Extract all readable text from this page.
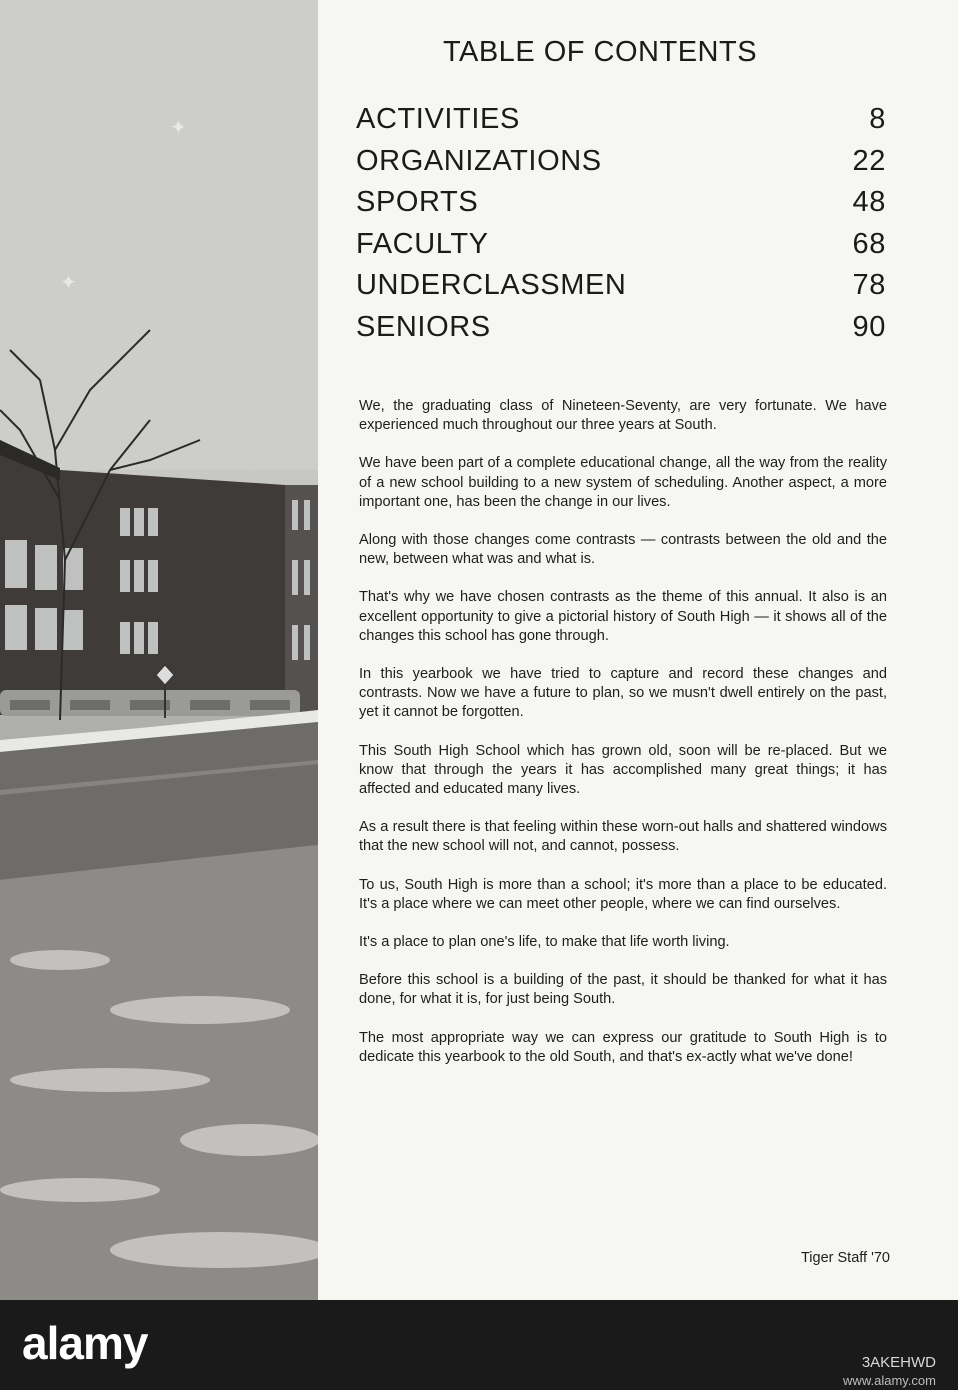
✦
✦
TABLE OF CONTENTS
ACTIVITIES	8
ORGANIZATIONS	22
SPORTS	48
FACULTY	68
UNDERCLASSMEN	78
SENIORS	90

We, the graduating class of Nineteen-Seventy, are very fortunate. We have experienced much throughout our three years at South.

We have been part of a complete educational change, all the way from the reality of a new school building to a new system of scheduling. Another aspect, a more important one, has been the change in our lives.

Along with those changes come contrasts — contrasts between the old and the new, between what was and what is.

That's why we have chosen contrasts as the theme of this annual. It also is an excellent opportunity to give a pictorial history of South High — it shows all of the changes this school has gone through.

In this yearbook we have tried to capture and record these changes and contrasts. Now we have a future to plan, so we musn't dwell entirely on the past, yet it cannot be forgotten.

This South High School which has grown old, soon will be re-placed. But we know that through the years it has accomplished many great things; it has affected and educated many lives.

As a result there is that feeling within these worn-out halls and shattered windows that the new school will not, and cannot, possess.

To us, South High is more than a school; it's more than a place to be educated. It's a place where we can meet other people, where we can find ourselves.

It's a place to plan one's life, to make that life worth living.

Before this school is a building of the past, it should be thanked for what it has done, for what it is, for just being South.

The most appropriate way we can express our gratitude to South High is to dedicate this yearbook to the old South, and that's ex-actly what we've done!

Tiger Staff '70
alamy	3AKEHWD
www.alamy.com
